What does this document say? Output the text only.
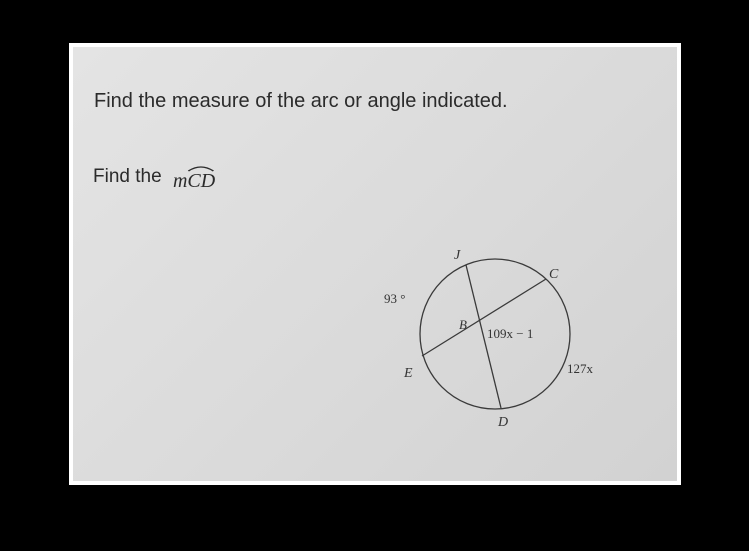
Find the measure of the arc or angle indicated.
Find the m
CD
J
C
B
E
D
93 °
109x − 1
127x
